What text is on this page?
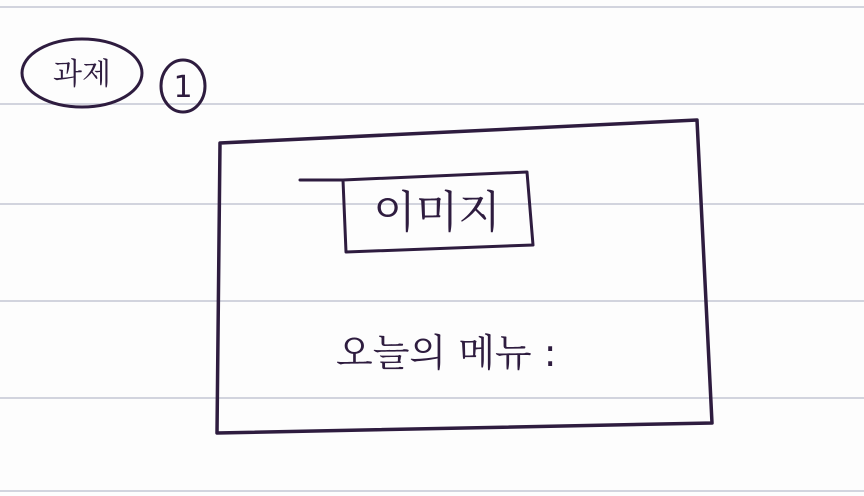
과제 1
이미지
오늘의 메뉴 :
